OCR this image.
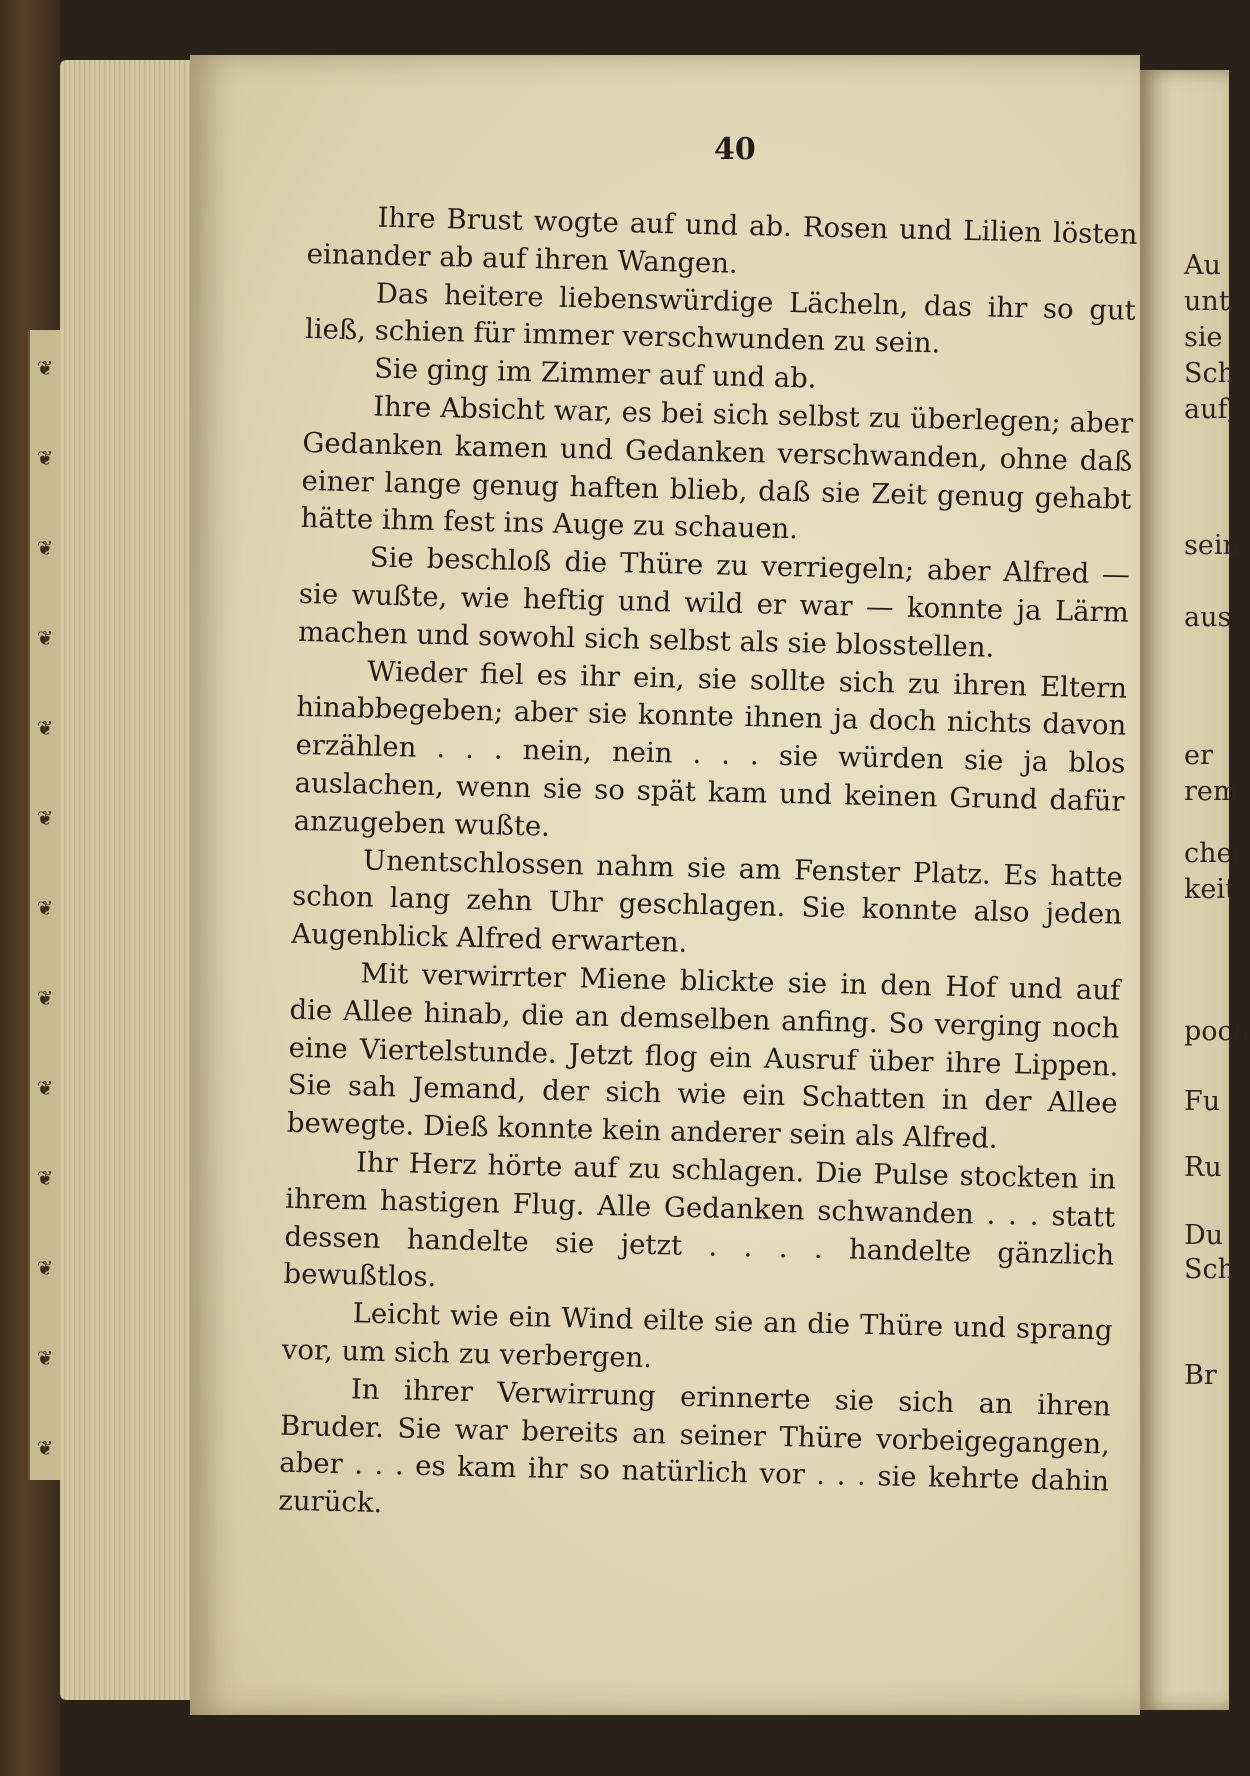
❦
❦
❦
❦
❦
❦
❦
❦
❦
❦
❦
❦
❦
40

Ihre Brust wogte auf und ab. Rosen und Lilien lösten einander ab auf ihren Wangen.

Das heitere liebenswürdige Lächeln, das ihr so gut ließ, schien für immer verschwunden zu sein.

Sie ging im Zimmer auf und ab.

Ihre Absicht war, es bei sich selbst zu überlegen; aber Gedanken kamen und Gedanken verschwanden, ohne daß einer lange genug haften blieb, daß sie Zeit genug gehabt hätte ihm fest ins Auge zu schauen.

Sie beschloß die Thüre zu verriegeln; aber Alfred — sie wußte, wie heftig und wild er war — konnte ja Lärm machen und sowohl sich selbst als sie blosstellen.

Wieder fiel es ihr ein, sie sollte sich zu ihren Eltern hinabbegeben; aber sie konnte ihnen ja doch nichts davon erzählen . . . nein, nein . . . sie würden sie ja blos auslachen, wenn sie so spät kam und keinen Grund dafür anzugeben wußte.

Unentschlossen nahm sie am Fenster Platz. Es hatte schon lang zehn Uhr geschlagen. Sie konnte also jeden Augenblick Alfred erwarten.

Mit verwirrter Miene blickte sie in den Hof und auf die Allee hinab, die an demselben anfing. So verging noch eine Viertelstunde. Jetzt flog ein Ausruf über ihre Lippen. Sie sah Jemand, der sich wie ein Schatten in der Allee bewegte. Dieß konnte kein anderer sein als Alfred.

Ihr Herz hörte auf zu schlagen. Die Pulse stockten in ihrem hastigen Flug. Alle Gedanken schwanden . . . statt dessen handelte sie jetzt . . . . handelte gänzlich bewußtlos.

Leicht wie ein Wind eilte sie an die Thüre und sprang vor, um sich zu verbergen.

In ihrer Verwirrung erinnerte sie sich an ihren Bruder. Sie war bereits an seiner Thüre vorbeigegangen, aber . . . es kam ihr so natürlich vor . . . sie kehrte dahin zurück.

Au
unt
sie
Sch
auf,
sein
aus
er
rem
cher
keit
poch
Fu
Ru
Du
Sch
Br
